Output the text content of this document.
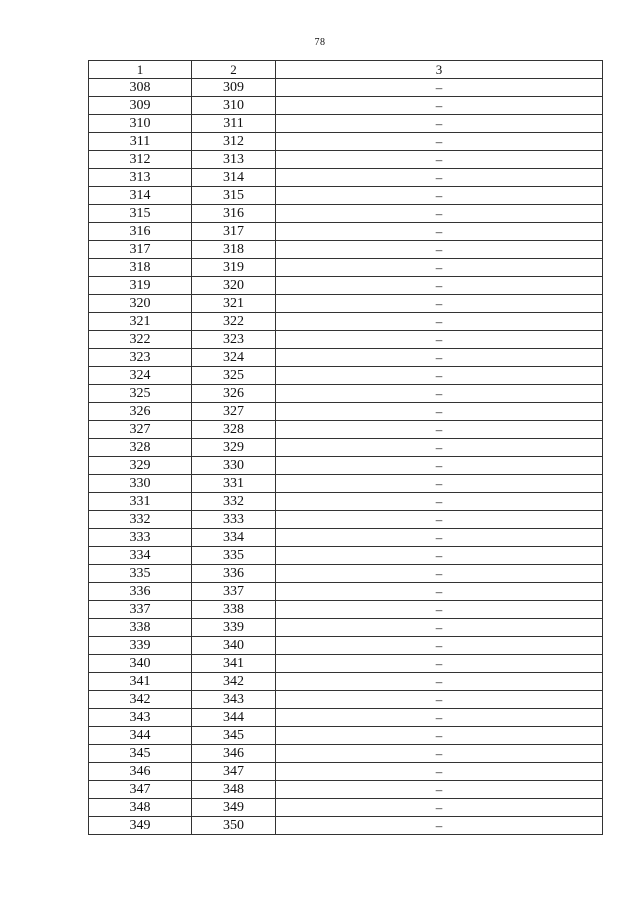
78
1	2	3
308	309	–
309	310	–
310	311	–
311	312	–
312	313	–
313	314	–
314	315	–
315	316	–
316	317	–
317	318	–
318	319	–
319	320	–
320	321	–
321	322	–
322	323	–
323	324	–
324	325	–
325	326	–
326	327	–
327	328	–
328	329	–
329	330	–
330	331	–
331	332	–
332	333	–
333	334	–
334	335	–
335	336	–
336	337	–
337	338	–
338	339	–
339	340	–
340	341	–
341	342	–
342	343	–
343	344	–
344	345	–
345	346	–
346	347	–
347	348	–
348	349	–
349	350	–
